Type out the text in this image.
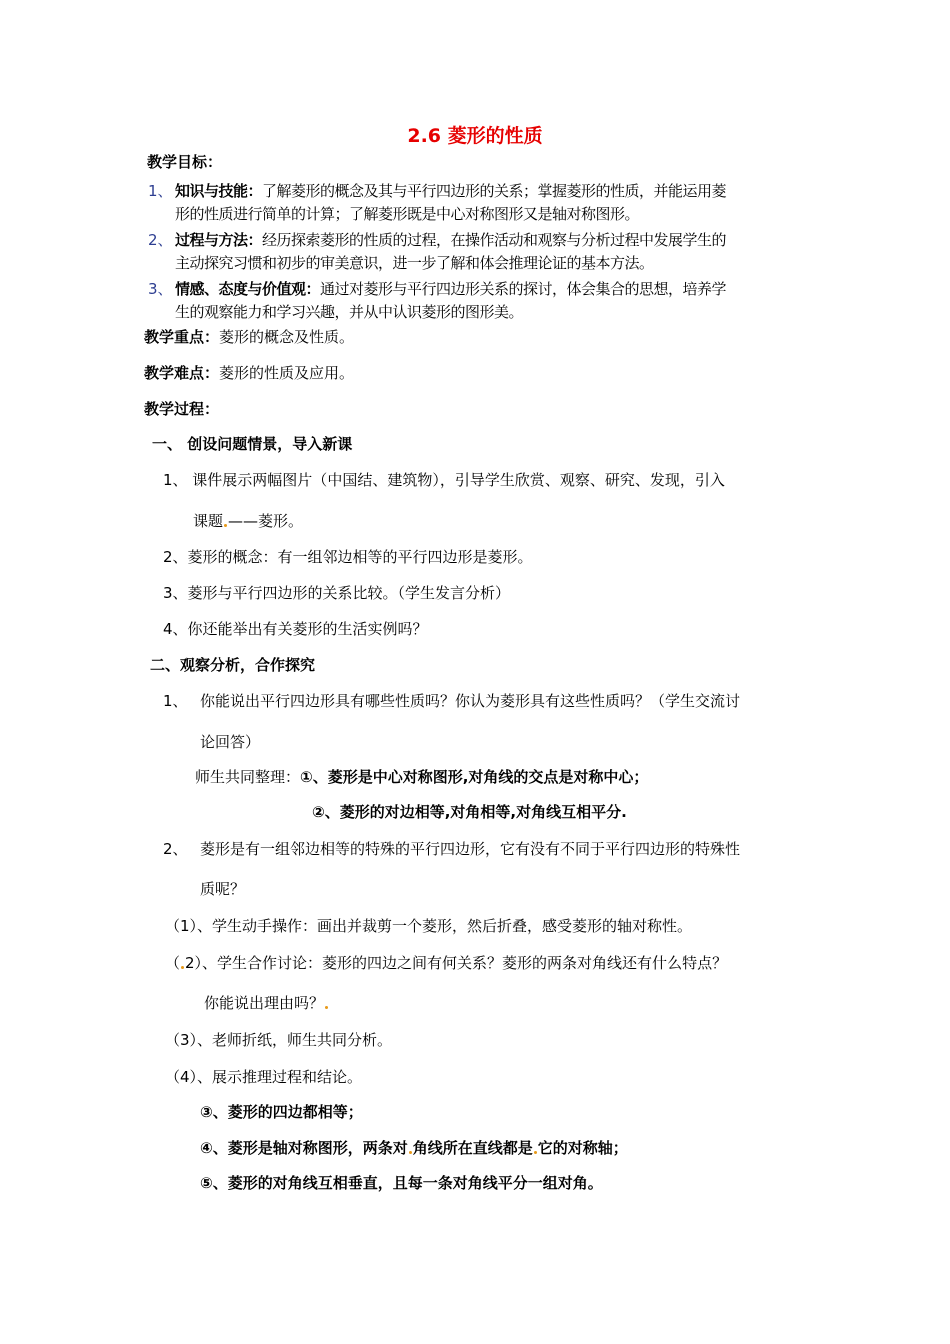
2.6 菱形的性质
教学目标：
1、 知识与技能：了解菱形的概念及其与平行四边形的关系；掌握菱形的性质，并能运用菱
形的性质进行简单的计算；了解菱形既是中心对称图形又是轴对称图形。
2、 过程与方法：经历探索菱形的性质的过程，在操作活动和观察与分析过程中发展学生的
主动探究习惯和初步的审美意识，进一步了解和体会推理论证的基本方法。
3、 情感、态度与价值观：通过对菱形与平行四边形关系的探讨，体会集合的思想，培养学
生的观察能力和学习兴趣，并从中认识菱形的图形美。
教学重点：菱形的概念及性质。
教学难点：菱形的性质及应用。
教学过程：
一、 创设问题情景，导入新课
1、 课件展示两幅图片（中国结、建筑物），引导学生欣赏、观察、研究、发现，引入
课题 ——菱形。
2、菱形的概念：有一组邻边相等的平行四边形是菱形。
3、菱形与平行四边形的关系比较。（学生发言分析）
4、你还能举出有关菱形的生活实例吗？
二、观察分析，合作探究
1、 你能说出平行四边形具有哪些性质吗？你认为菱形具有这些性质吗？（学生交流讨
论回答）
师生共同整理：①、菱形是中心对称图形,对角线的交点是对称中心；
②、菱形的对边相等,对角相等,对角线互相平分.
2、 菱形是有一组邻边相等的特殊的平行四边形，它有没有不同于平行四边形的特殊性
质呢？
（1）、学生动手操作：画出并裁剪一个菱形，然后折叠，感受菱形的轴对称性。
（ 2）、学生合作讨论：菱形的四边之间有何关系？菱形的两条对角线还有什么特点？
你能说出理由吗？
（3）、老师折纸，师生共同分析。
（4）、展示推理过程和结论。
③、菱形的四边都相等；
④、菱形是轴对称图形，两条对 角线所在直线都是 它的对称轴；
⑤、菱形的对角线互相垂直，且每一条对角线平分一组对角。
